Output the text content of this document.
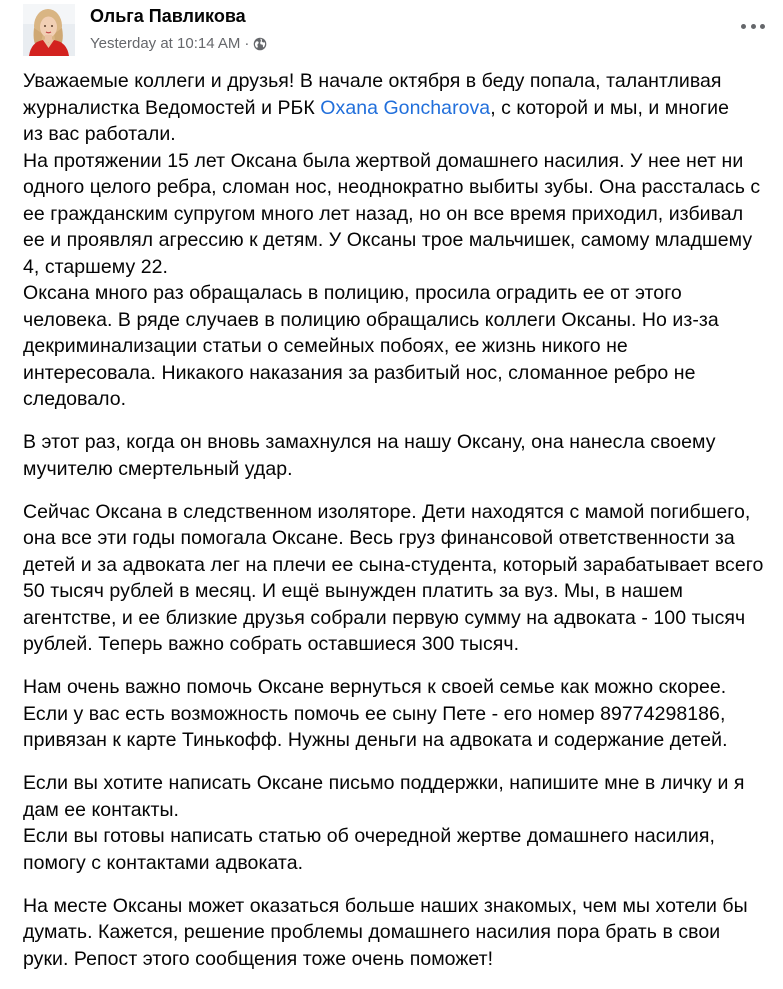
Ольга Павликова
Yesterday at 10:14 AM ·

Уважаемые коллеги и друзья! В начале октября в беду попала, талантливая
журналистка Ведомостей и РБК Oxana Goncharova, с которой и мы, и многие
из вас работали.
На протяжении 15 лет Оксана была жертвой домашнего насилия. У нее нет ни
одного целого ребра, сломан нос, неоднократно выбиты зубы. Она рассталась с
ее гражданским супругом много лет назад, но он все время приходил, избивал
ее и проявлял агрессию к детям. У Оксаны трое мальчишек, самому младшему
4, старшему 22.
Оксана много раз обращалась в полицию, просила оградить ее от этого
человека. В ряде случаев в полицию обращались коллеги Оксаны. Но из-за
декриминализации статьи о семейных побоях, ее жизнь никого не
интересовала. Никакого наказания за разбитый нос, сломанное ребро не
следовало.

В этот раз, когда он вновь замахнулся на нашу Оксану, она нанесла своему
мучителю смертельный удар.

Сейчас Оксана в следственном изоляторе. Дети находятся с мамой погибшего,
она все эти годы помогала Оксане. Весь груз финансовой ответственности за
детей и за адвоката лег на плечи ее сына-студента, который зарабатывает всего
50 тысяч рублей в месяц. И ещё вынужден платить за вуз. Мы, в нашем
агентстве, и ее близкие друзья собрали первую сумму на адвоката - 100 тысяч
рублей. Теперь важно собрать оставшиеся 300 тысяч.

Нам очень важно помочь Оксане вернуться к своей семье как можно скорее.
Если у вас есть возможность помочь ее сыну Пете - его номер 89774298186,
привязан к карте Тинькофф. Нужны деньги на адвоката и содержание детей.

Если вы хотите написать Оксане письмо поддержки, напишите мне в личку и я
дам ее контакты.
Если вы готовы написать статью об очередной жертве домашнего насилия,
помогу с контактами адвоката.

На месте Оксаны может оказаться больше наших знакомых, чем мы хотели бы
думать. Кажется, решение проблемы домашнего насилия пора брать в свои
руки. Репост этого сообщения тоже очень поможет!
